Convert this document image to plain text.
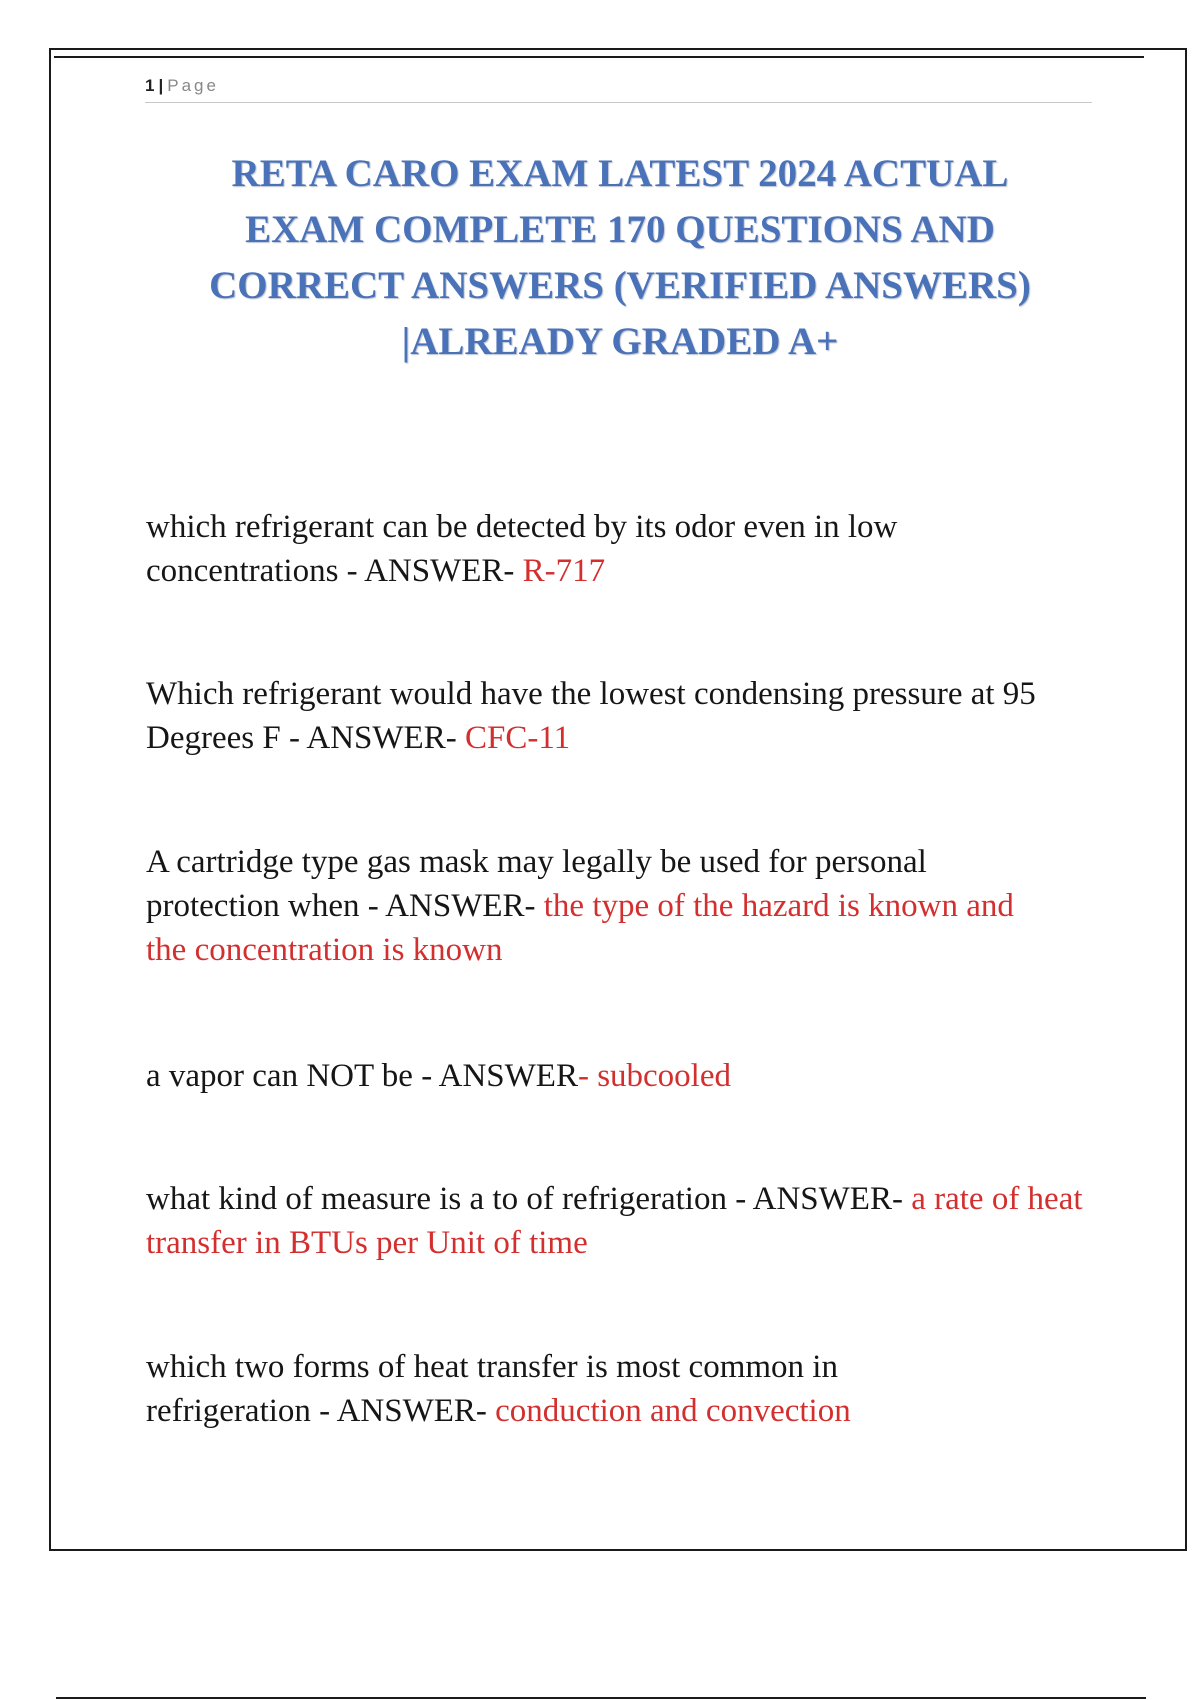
1 | Page
RETA CARO EXAM LATEST 2024 ACTUAL
EXAM COMPLETE 170 QUESTIONS AND
CORRECT ANSWERS (VERIFIED ANSWERS)
|ALREADY GRADED A+

which refrigerant can be detected by its odor even in low concentrations - ANSWER- R-717

Which refrigerant would have the lowest condensing pressure at 95 Degrees F - ANSWER- CFC-11

A cartridge type gas mask may legally be used for personal protection when - ANSWER- the type of the hazard is known and the concentration is known

a vapor can NOT be - ANSWER- subcooled

what kind of measure is a to of refrigeration - ANSWER- a rate of heat transfer in BTUs per Unit of time

which two forms of heat transfer is most common in refrigeration - ANSWER- conduction and convection
